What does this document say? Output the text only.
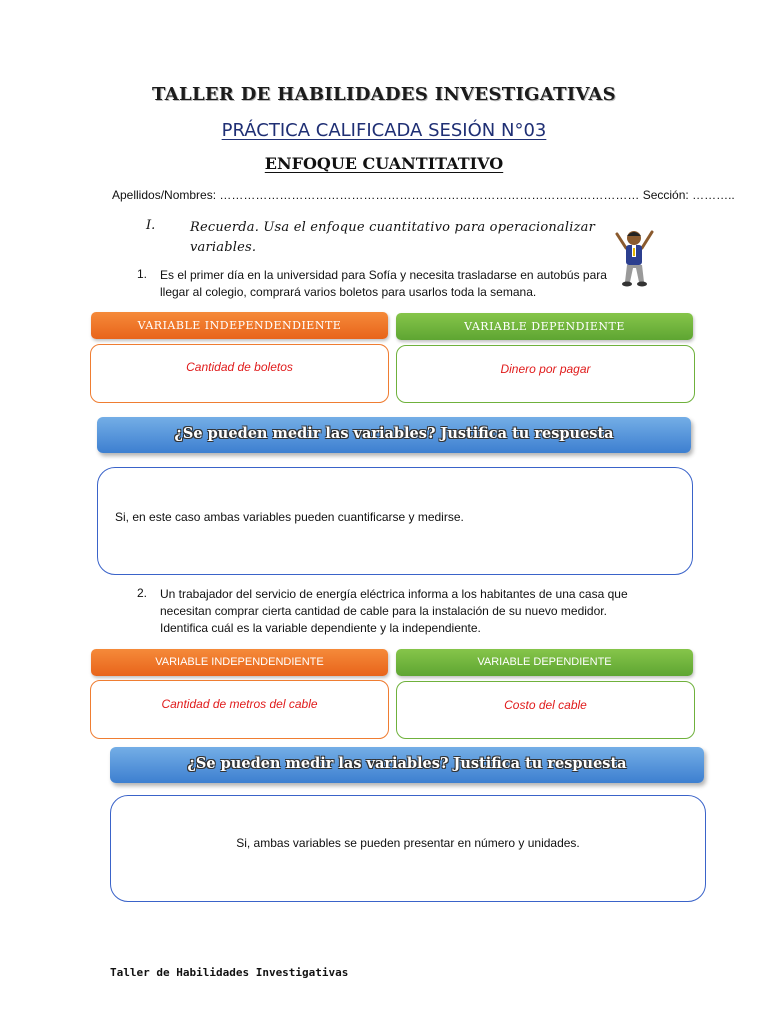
TALLER DE HABILIDADES INVESTIGATIVAS
PRÁCTICA CALIFICADA SESIÓN N°03
ENFOQUE CUANTITATIVO
Apellidos/Nombres: …………………………………………………………………………………………… Sección: ………..
I.	Recuerda. Usa el enfoque cuantitativo para operacionalizar variables.
1. Es el primer día en la universidad para Sofía y necesita trasladarse en autobús para llegar al colegio, comprará varios boletos para usarlos toda la semana.
VARIABLE INDEPENDENDIENTE	VARIABLE DEPENDIENTE
Cantidad de boletos	Dinero por pagar
¿Se pueden medir las variables? Justifica tu respuesta
Si, en este caso ambas variables pueden cuantificarse y medirse.
2. Un trabajador del servicio de energía eléctrica informa a los habitantes de una casa que necesitan comprar cierta cantidad de cable para la instalación de su nuevo medidor. Identifica cuál es la variable dependiente y la independiente.
VARIABLE INDEPENDENDIENTE	VARIABLE DEPENDIENTE
Cantidad de metros del cable	Costo del cable
¿Se pueden medir las variables? Justifica tu respuesta
Si, ambas variables se pueden presentar en número y unidades.
Taller de Habilidades Investigativas
